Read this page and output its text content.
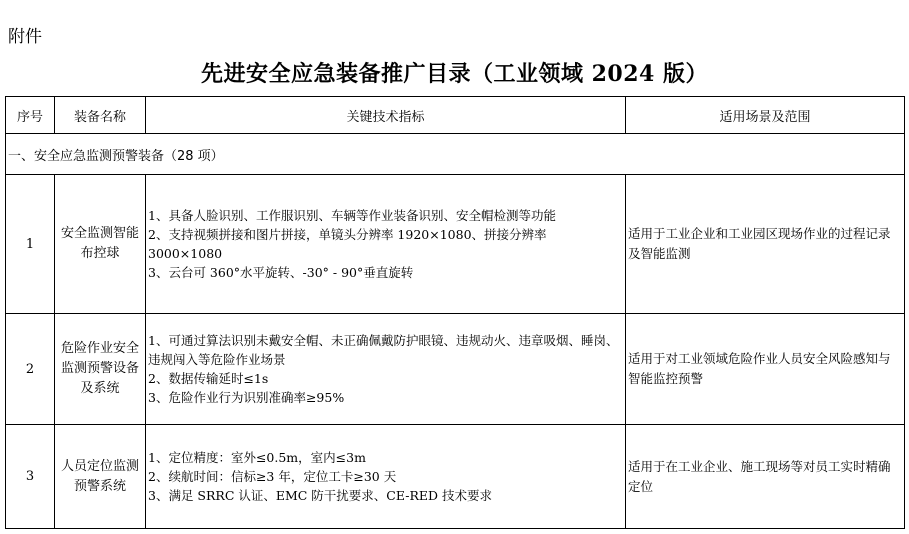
附件
先进安全应急装备推广目录（工业领域 2024 版）
序号	装备名称	关键技术指标	适用场景及范围
一、安全应急监测预警装备（28 项）			
1	安全监测智能布控球	1、具备人脸识别、工作服识别、车辆等作业装备识别、安全帽检测等功能
2、支持视频拼接和图片拼接，单镜头分辨率 1920×1080、拼接分辨率 3000×1080
3、云台可 360°水平旋转、-30° - 90°垂直旋转	适用于工业企业和工业园区现场作业的过程记录及智能监测
2	危险作业安全监测预警设备及系统	1、可通过算法识别未戴安全帽、未正确佩戴防护眼镜、违规动火、违章吸烟、睡岗、违规闯入等危险作业场景
2、数据传输延时≤1s
3、危险作业行为识别准确率≥95%	适用于对工业领域危险作业人员安全风险感知与智能监控预警
3	人员定位监测预警系统	1、定位精度：室外≤0.5m，室内≤3m
2、续航时间：信标≥3 年，定位工卡≥30 天
3、满足 SRRC 认证、EMC 防干扰要求、CE-RED 技术要求	适用于在工业企业、施工现场等对员工实时精确定位
